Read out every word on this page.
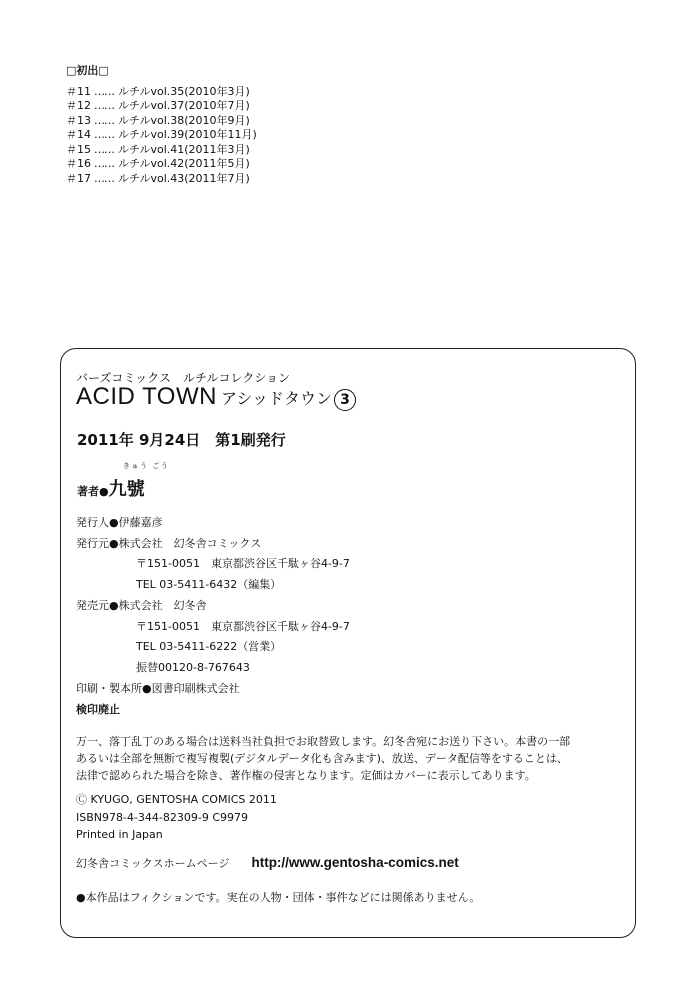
□初出□
＃11 …… ルチルvol.35(2010年3月)
＃12 …… ルチルvol.37(2010年7月)
＃13 …… ルチルvol.38(2010年9月)
＃14 …… ルチルvol.39(2010年11月)
＃15 …… ルチルvol.41(2011年3月)
＃16 …… ルチルvol.42(2011年5月)
＃17 …… ルチルvol.43(2011年7月)
バーズコミックス　ルチルコレクション
ACID TOWN アシッドタウン 3
2011年 9月24日　第1刷発行
きゅう ごう
著者● 九號
発行人●伊藤嘉彦
発行元●株式会社　幻冬舎コミックス
〒151-0051　東京都渋谷区千駄ヶ谷4-9-7
TEL 03-5411-6432（編集）
発売元●株式会社　幻冬舎
〒151-0051　東京都渋谷区千駄ヶ谷4-9-7
TEL 03-5411-6222（営業）
振替00120-8-767643
印刷・製本所●図書印刷株式会社
検印廃止
万一、落丁乱丁のある場合は送料当社負担でお取替致します。幻冬舎宛にお送り下さい。本書の一部
あるいは全部を無断で複写複製(デジタルデータ化も含みます)、放送、データ配信等をすることは、
法律で認められた場合を除き、著作権の侵害となります。定価はカバーに表示してあります。
Ⓒ KYUGO, GENTOSHA COMICS 2011
ISBN978-4-344-82309-9 C9979
Printed in Japan
幻冬舎コミックスホームページ http://www.gentosha-comics.net
●本作品はフィクションです。実在の人物・団体・事件などには関係ありません。
